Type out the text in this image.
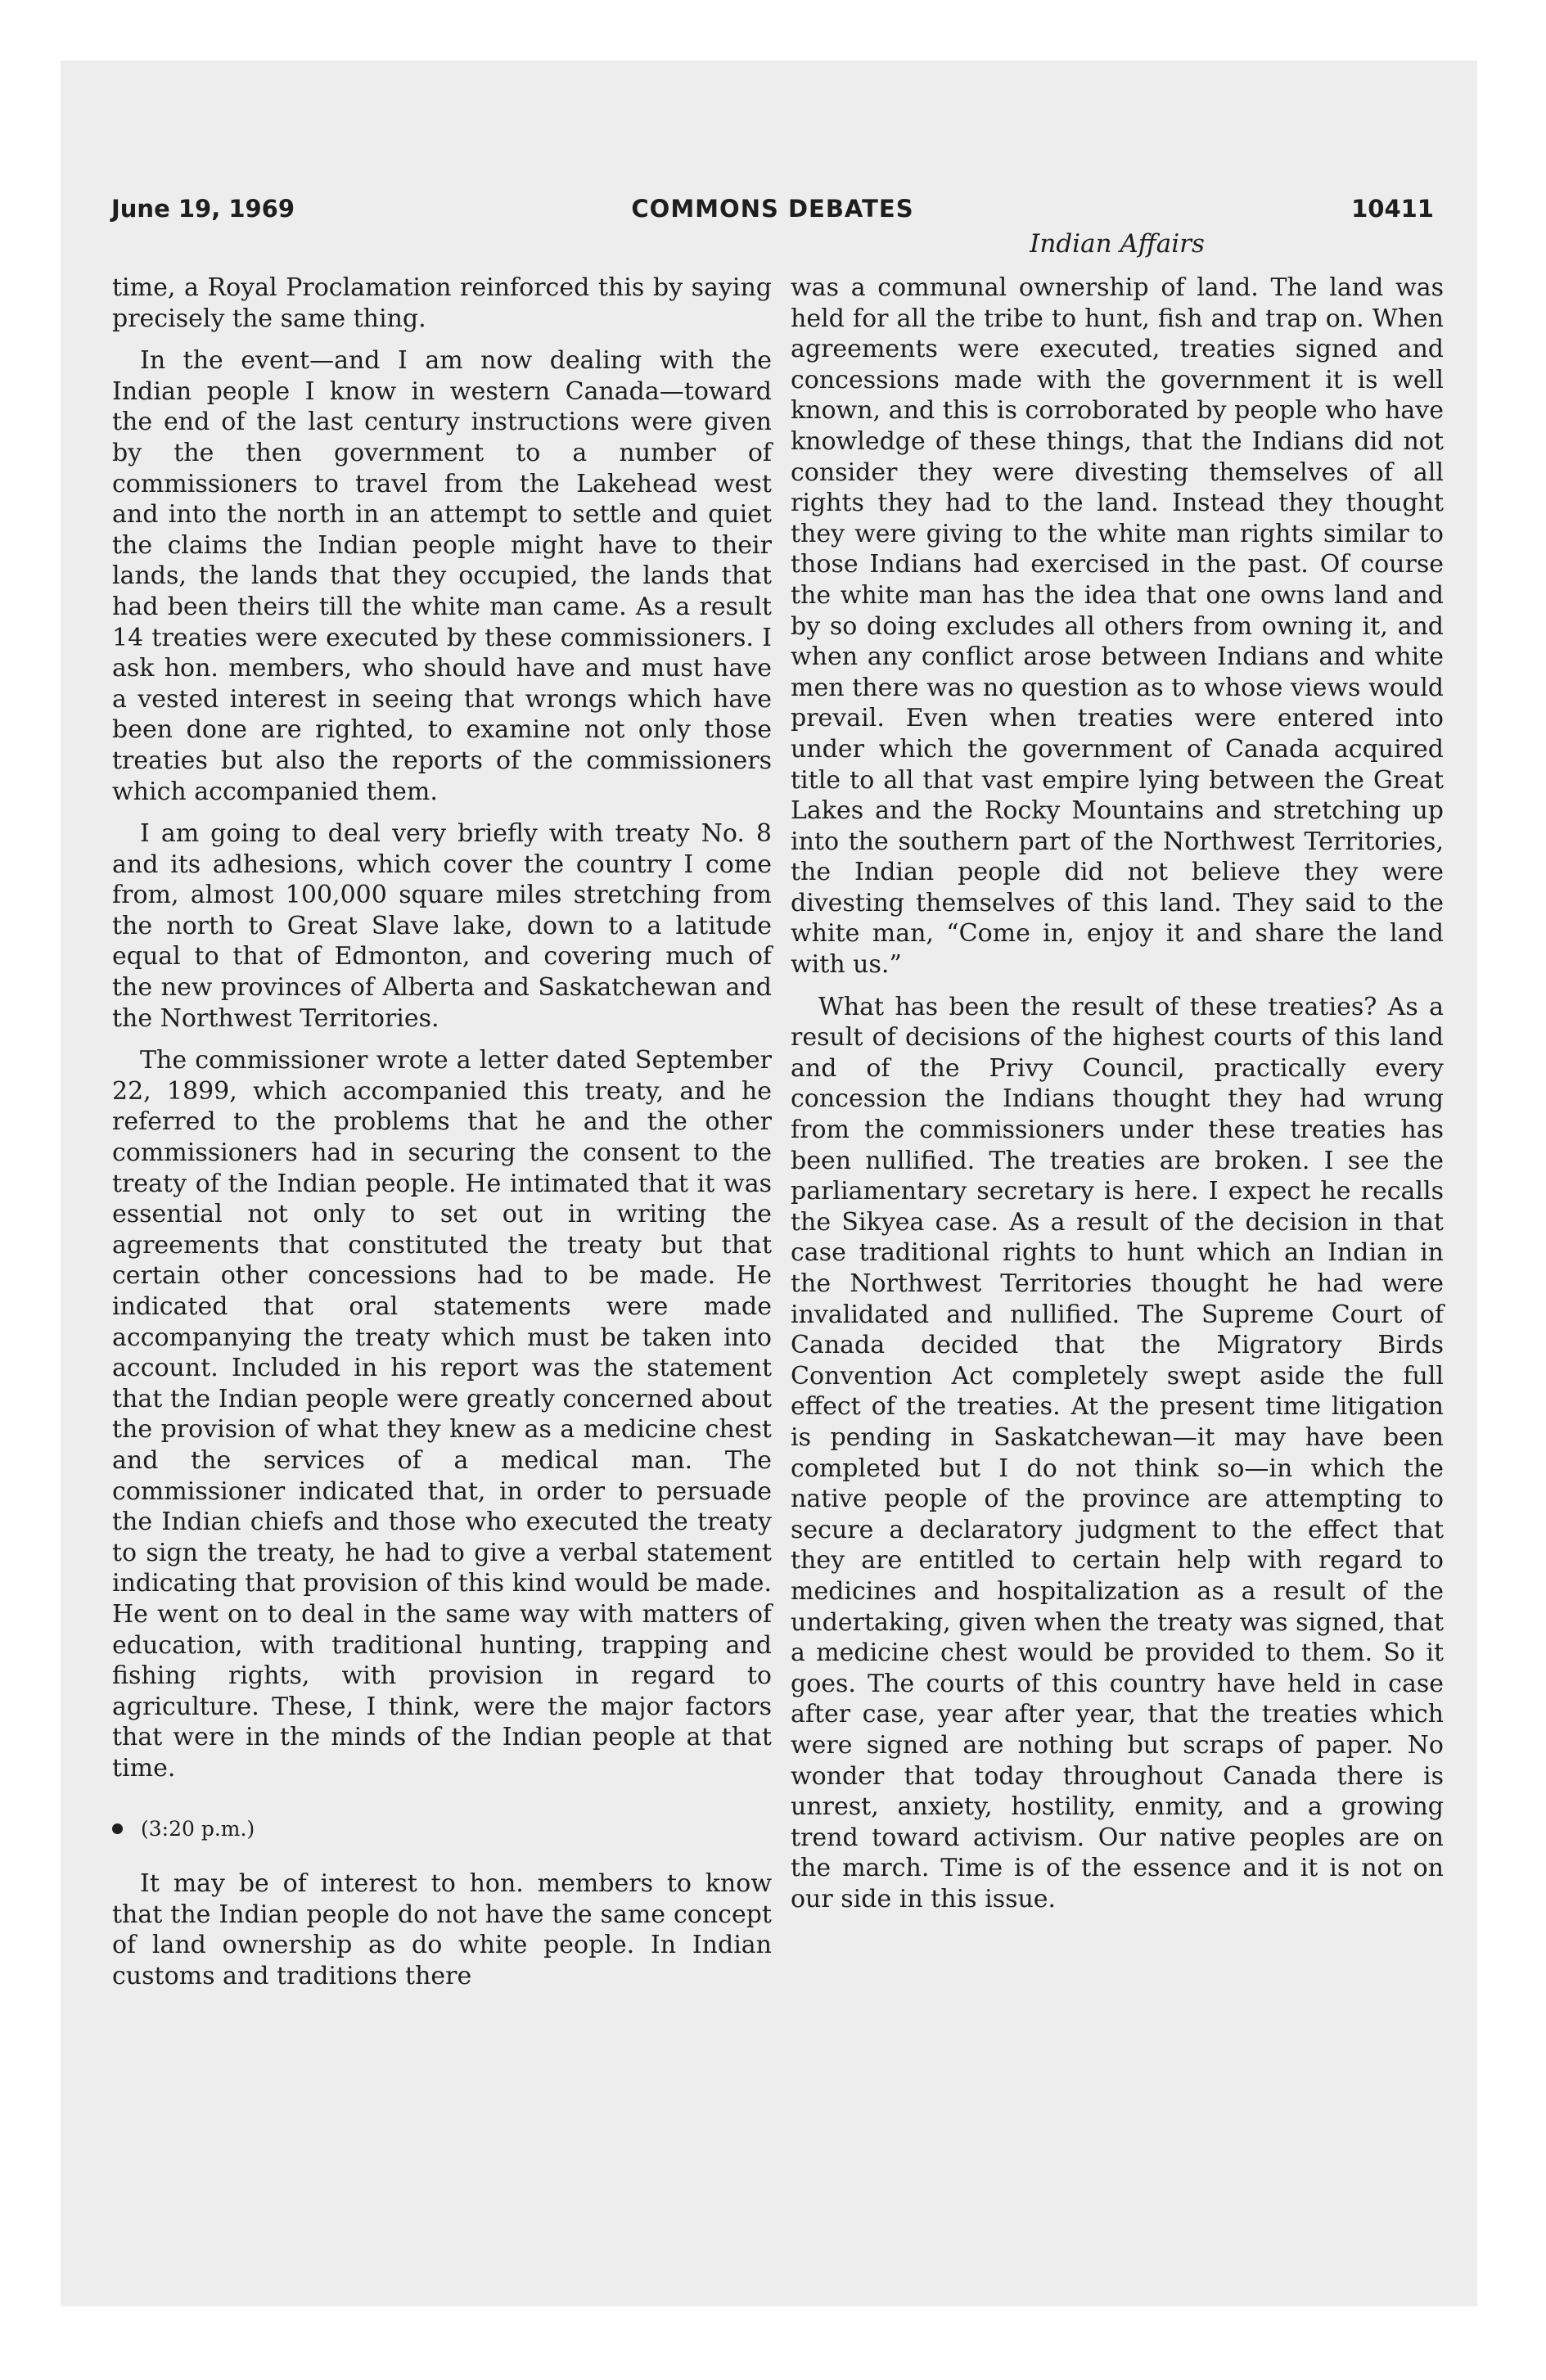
June 19, 1969	COMMONS DEBATES	10411
Indian Affairs

time, a Royal Proclamation reinforced this by saying precisely the same thing.

In the event—and I am now dealing with the Indian people I know in western Canada—toward the end of the last century instructions were given by the then government to a number of commissioners to travel from the Lakehead west and into the north in an attempt to settle and quiet the claims the Indian people might have to their lands, the lands that they occupied, the lands that had been theirs till the white man came. As a result 14 treaties were executed by these commissioners. I ask hon. members, who should have and must have a vested interest in seeing that wrongs which have been done are righted, to examine not only those treaties but also the reports of the commissioners which accompanied them.

I am going to deal very briefly with treaty No. 8 and its adhesions, which cover the country I come from, almost 100,000 square miles stretching from the north to Great Slave lake, down to a latitude equal to that of Edmonton, and covering much of the new provinces of Alberta and Saskatchewan and the Northwest Territories.

The commissioner wrote a letter dated September 22, 1899, which accompanied this treaty, and he referred to the problems that he and the other commissioners had in securing the consent to the treaty of the Indian people. He intimated that it was essential not only to set out in writing the agreements that constituted the treaty but that certain other concessions had to be made. He indicated that oral statements were made accompanying the treaty which must be taken into account. Included in his report was the statement that the Indian people were greatly concerned about the provision of what they knew as a medicine chest and the services of a medical man. The commissioner indicated that, in order to persuade the Indian chiefs and those who executed the treaty to sign the treaty, he had to give a verbal statement indicating that provision of this kind would be made. He went on to deal in the same way with matters of education, with traditional hunting, trapping and fishing rights, with provision in regard to agriculture. These, I think, were the major factors that were in the minds of the Indian people at that time.

(3:20 p.m.)

It may be of interest to hon. members to know that the Indian people do not have the same concept of land ownership as do white people. In Indian customs and traditions there

was a communal ownership of land. The land was held for all the tribe to hunt, fish and trap on. When agreements were executed, treaties signed and concessions made with the government it is well known, and this is corroborated by people who have knowledge of these things, that the Indians did not consider they were divesting themselves of all rights they had to the land. Instead they thought they were giving to the white man rights similar to those Indians had exercised in the past. Of course the white man has the idea that one owns land and by so doing excludes all others from owning it, and when any conflict arose between Indians and white men there was no question as to whose views would prevail. Even when treaties were entered into under which the government of Canada acquired title to all that vast empire lying between the Great Lakes and the Rocky Mountains and stretching up into the southern part of the Northwest Territories, the Indian people did not believe they were divesting themselves of this land. They said to the white man, “Come in, enjoy it and share the land with us.”

What has been the result of these treaties? As a result of decisions of the highest courts of this land and of the Privy Council, practically every concession the Indians thought they had wrung from the commissioners under these treaties has been nullified. The treaties are broken. I see the parliamentary secretary is here. I expect he recalls the Sikyea case. As a result of the decision in that case traditional rights to hunt which an Indian in the Northwest Territories thought he had were invalidated and nullified. The Supreme Court of Canada decided that the Migratory Birds Convention Act completely swept aside the full effect of the treaties. At the present time litigation is pending in Saskatchewan—it may have been completed but I do not think so—in which the native people of the province are attempting to secure a declaratory judgment to the effect that they are entitled to certain help with regard to medicines and hospitalization as a result of the undertaking, given when the treaty was signed, that a medicine chest would be provided to them. So it goes. The courts of this country have held in case after case, year after year, that the treaties which were signed are nothing but scraps of paper. No wonder that today throughout Canada there is unrest, anxiety, hostility, enmity, and a growing trend toward activism. Our native peoples are on the march. Time is of the essence and it is not on our side in this issue.
